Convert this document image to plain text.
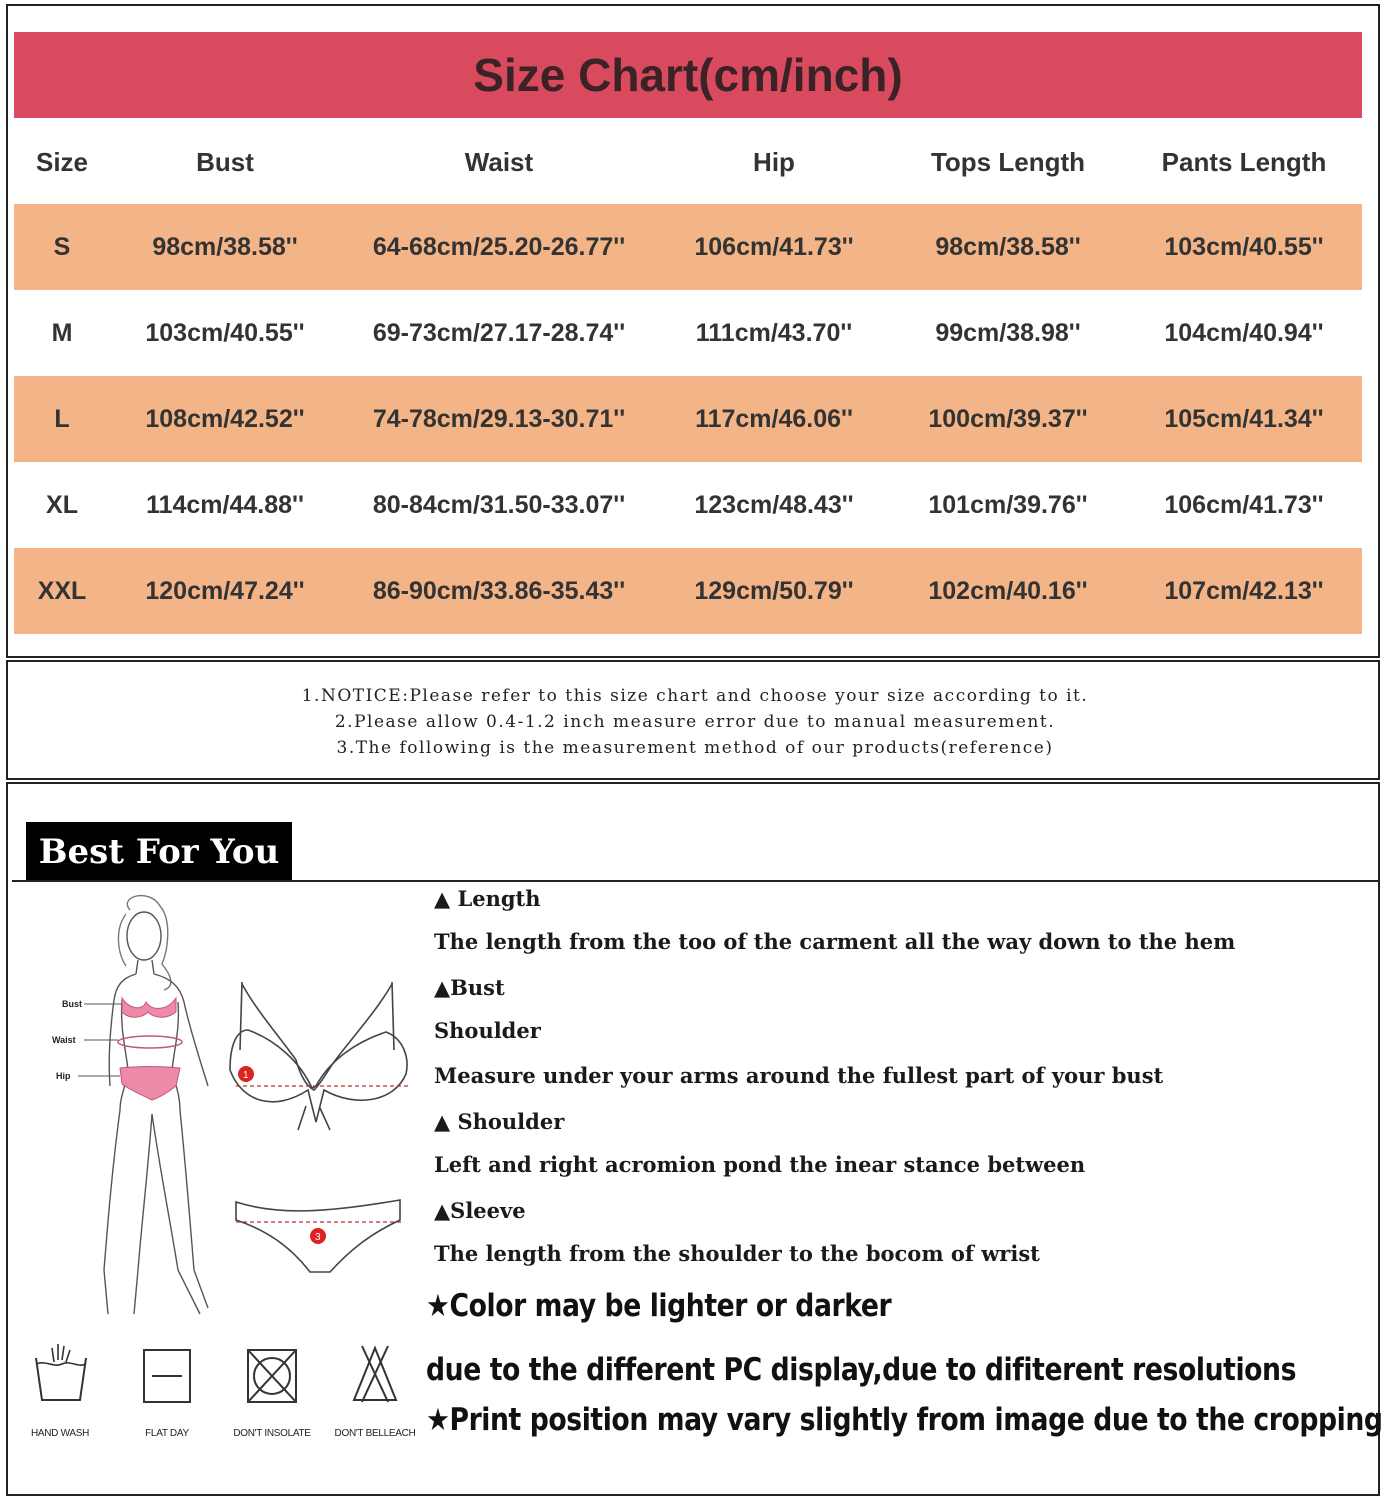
Size Chart(cm/inch)
Size	Bust	Waist	Hip	Tops Length	Pants Length
S	98cm/38.58''	64-68cm/25.20-26.77''	106cm/41.73''	98cm/38.58''	103cm/40.55''
M	103cm/40.55''	69-73cm/27.17-28.74''	111cm/43.70''	99cm/38.98''	104cm/40.94''
L	108cm/42.52''	74-78cm/29.13-30.71''	117cm/46.06''	100cm/39.37''	105cm/41.34''
XL	114cm/44.88''	80-84cm/31.50-33.07''	123cm/48.43''	101cm/39.76''	106cm/41.73''
XXL	120cm/47.24''	86-90cm/33.86-35.43''	129cm/50.79''	102cm/40.16''	107cm/42.13''
1.NOTICE:Please refer to this size chart and choose your size according to it.
2.Please allow 0.4-1.2 inch measure error due to manual measurement.
3.The following is the measurement method of our products(reference)
Best For You
Bust
Waist
Hip	1
3
▲ Length
The length from the too of the carment all the way down to the hem
▲Bust
Shoulder
Measure under your arms around the fullest part of your bust
▲ Shoulder
Left and right acromion pond the inear stance between
▲Sleeve
The length from the shoulder to the bocom of wrist
★Color may be lighter or darker
due to the different PC display,due to difiterent resolutions
★Print position may vary slightly from image due to the cropping
HAND WASH	FLAT DAY	DON'T INSOLATE	DON'T BELLEACH
